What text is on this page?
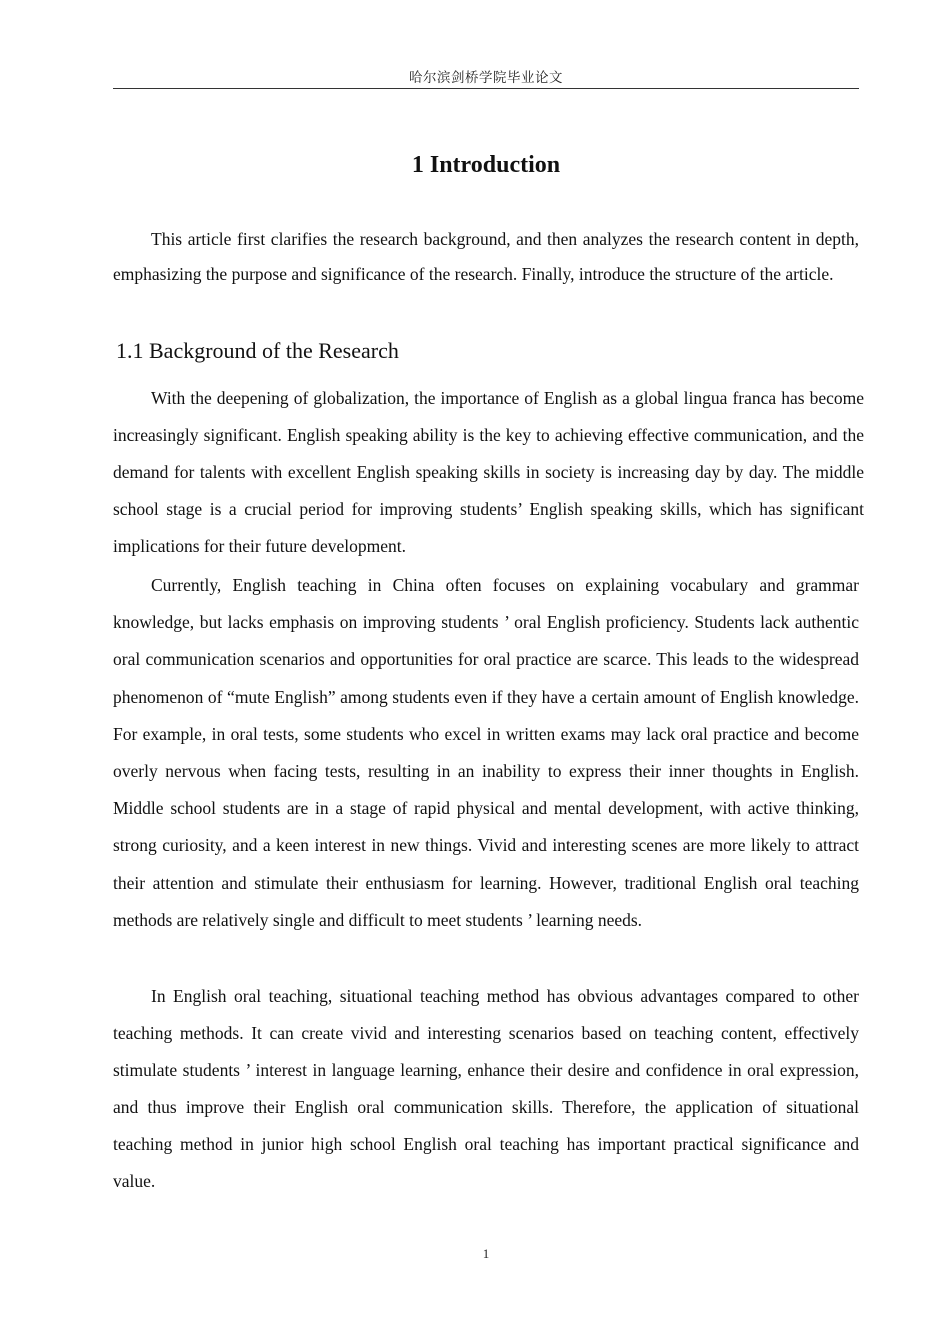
哈尔滨剑桥学院毕业论文
1 Introduction

This article first clarifies the research background, and then analyzes the research content in depth, emphasizing the purpose and significance of the research. Finally, introduce the structure of the article.

1.1 Background of the Research

With the deepening of globalization, the importance of English as a global lingua franca has become increasingly significant. English speaking ability is the key to achieving effective communication, and the demand for talents with excellent English speaking skills in society is increasing day by day. The middle school stage is a crucial period for improving students’ English speaking skills, which has significant implications for their future development.

Currently, English teaching in China often focuses on explaining vocabulary and grammar knowledge, but lacks emphasis on improving students ’ oral English proficiency. Students lack authentic oral communication scenarios and opportunities for oral practice are scarce. This leads to the widespread phenomenon of “mute English” among students even if they have a certain amount of English knowledge. For example, in oral tests, some students who excel in written exams may lack oral practice and become overly nervous when facing tests, resulting in an inability to express their inner thoughts in English. Middle school students are in a stage of rapid physical and mental development, with active thinking, strong curiosity, and a keen interest in new things. Vivid and interesting scenes are more likely to attract their attention and stimulate their enthusiasm for learning. However, traditional English oral teaching methods are relatively single and difficult to meet students ’ learning needs.

In English oral teaching, situational teaching method has obvious advantages compared to other teaching methods. It can create vivid and interesting scenarios based on teaching content, effectively stimulate students ’ interest in language learning, enhance their desire and confidence in oral expression, and thus improve their English oral communication skills. Therefore, the application of situational teaching method in junior high school English oral teaching has important practical significance and value.

1
